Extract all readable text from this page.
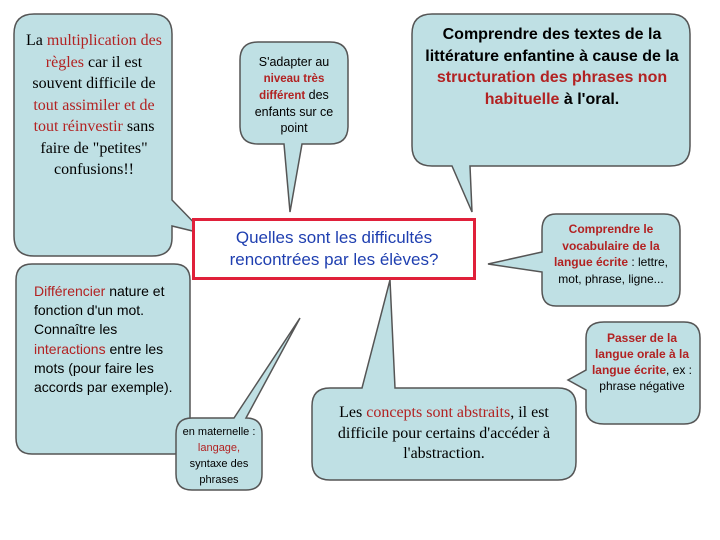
Quelles sont les difficultés rencontrées par les élèves?
La multiplication des règles car il est souvent difficile de tout assimiler et de tout réinvestir sans faire de "petites" confusions!!
S'adapter au niveau très différent des enfants sur ce point
Comprendre des textes de la littérature enfantine à cause de la structuration des phrases non habituelle à l'oral.
Comprendre le vocabulaire de la langue écrite : lettre, mot, phrase, ligne...
Passer de la langue orale à la langue écrite, ex : phrase négative
Les concepts sont abstraits, il est difficile pour certains d'accéder à l'abstraction.
Différencier nature et fonction d'un mot. Connaître les interactions entre les mots (pour faire les accords par exemple).
en maternelle : langage, syntaxe des phrases
